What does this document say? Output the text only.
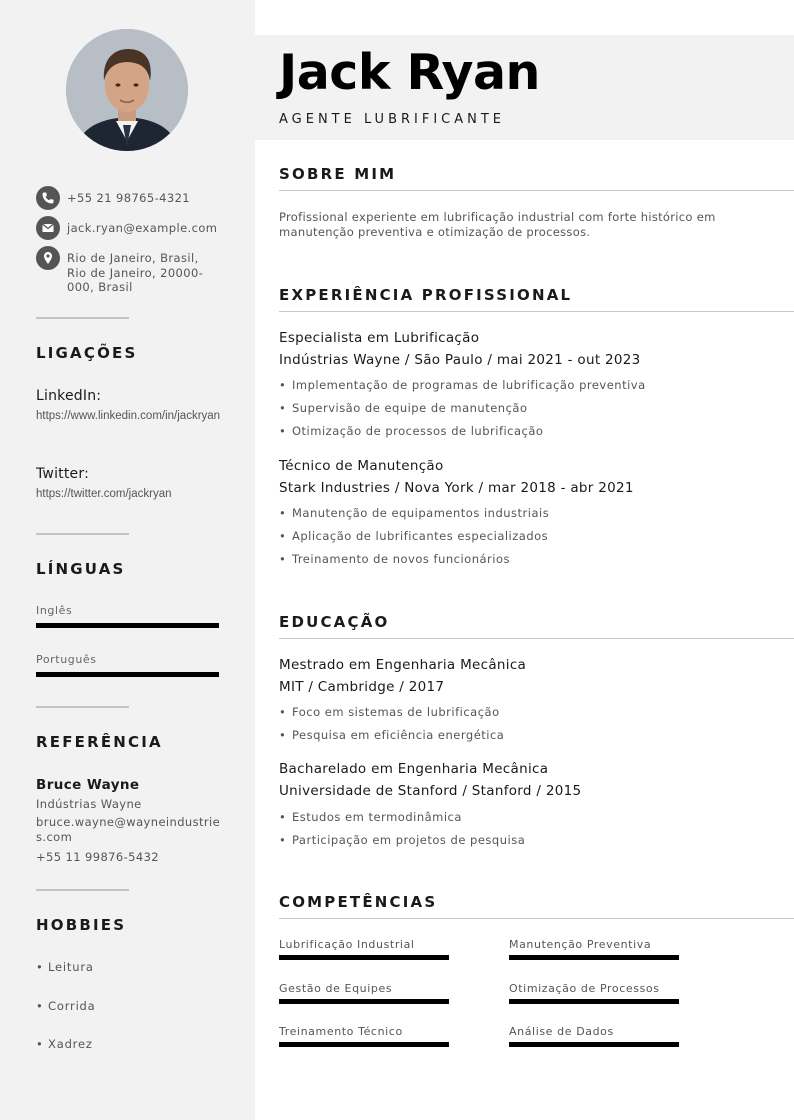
+55 21 98765-4321
jack.ryan@example.com
Rio de Janeiro, Brasil, Rio de Janeiro, 20000-000, Brasil
LIGAÇÕES
LinkedIn:
https://www.linkedin.com/in/jackryan
Twitter:
https://twitter.com/jackryan
LÍNGUAS
Inglês
Português
REFERÊNCIA
Bruce Wayne
Indústrias Wayne
bruce.wayne@wayneindustries.com
+55 11 99876-5432
HOBBIES
• Leitura
• Corrida
• Xadrez
Jack Ryan
AGENTE LUBRIFICANTE
SOBRE MIM
Profissional experiente em lubrificação industrial com forte histórico em manutenção preventiva e otimização de processos.
EXPERIÊNCIA PROFISSIONAL
Especialista em Lubrificação
Indústrias Wayne / São Paulo / mai 2021 - out 2023
• Implementação de programas de lubrificação preventiva
• Supervisão de equipe de manutenção
• Otimização de processos de lubrificação
Técnico de Manutenção
Stark Industries / Nova York / mar 2018 - abr 2021
• Manutenção de equipamentos industriais
• Aplicação de lubrificantes especializados
• Treinamento de novos funcionários
EDUCAÇÃO
Mestrado em Engenharia Mecânica
MIT / Cambridge / 2017
• Foco em sistemas de lubrificação
• Pesquisa em eficiência energética
Bacharelado em Engenharia Mecânica
Universidade de Stanford / Stanford / 2015
• Estudos em termodinâmica
• Participação em projetos de pesquisa
COMPETÊNCIAS
Lubrificação Industrial	Manutenção Preventiva
Gestão de Equipes	Otimização de Processos
Treinamento Técnico	Análise de Dados
